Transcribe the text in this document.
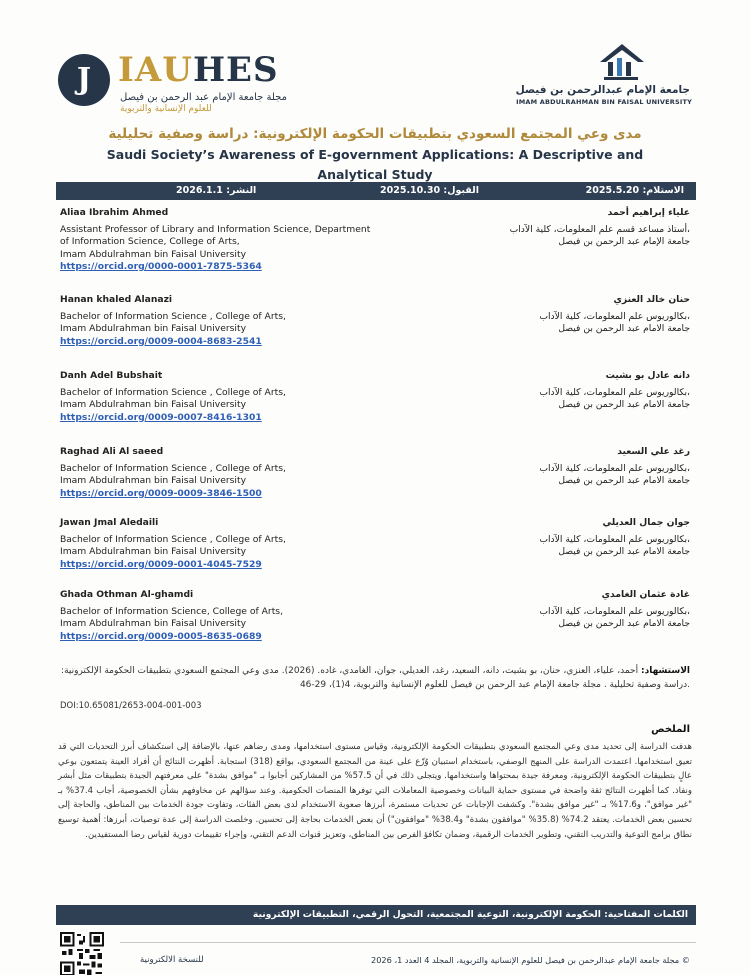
J IAUHES
مجلة جامعة الإمام عبد الرحمن بن فيصل
للعلوم الإنسانية والتربوية
جامعة الإمام عبدالرحمن بن فيصل
IMAM ABDULRAHMAN BIN FAISAL UNIVERSITY
مدى وعي المجتمع السعودي بتطبيقات الحكومة الإلكترونية: دراسة وصفية تحليلية
Saudi Society’s Awareness of E-government Applications: A Descriptive and Analytical Study
النشر: 2026.1.1	القبول: 2025.10.30	الاستلام: 2025.5.20
Aliaa Ibrahim Ahmed
Assistant Professor of Library and Information Science, Department
of Information Science, College of Arts,
Imam Abdulrahman bin Faisal University
https://orcid.org/0000-0001-7875-5364
علياء إبراهيم أحمد
أستاذ مساعد قسم علم المعلومات، كلية الآداب،
جامعة الإمام عبد الرحمن بن فيصل
Hanan khaled Alanazi
Bachelor of Information Science , College of Arts,
Imam Abdulrahman bin Faisal University
https://orcid.org/0009-0004-8683-2541
حنان خالد العنزي
بكالوريوس علم المعلومات، كلية الآداب،
جامعة الامام عبد الرحمن بن فيصل
Danh Adel Bubshait
Bachelor of Information Science , College of Arts,
Imam Abdulrahman bin Faisal University
https://orcid.org/0009-0007-8416-1301
دانه عادل بو بشيت
بكالوريوس علم المعلومات، كلية الآداب،
جامعة الامام عبد الرحمن بن فيصل
Raghad Ali Al saeed
Bachelor of Information Science , College of Arts,
Imam Abdulrahman bin Faisal University
https://orcid.org/0009-0009-3846-1500
رغد علي السعيد
بكالوريوس علم المعلومات، كلية الآداب،
جامعة الامام عبد الرحمن بن فيصل
Jawan Jmal Aledaili
Bachelor of Information Science , College of Arts,
Imam Abdulrahman bin Faisal University
https://orcid.org/0009-0001-4045-7529
جوان جمال العديلي
بكالوريوس علم المعلومات، كلية الآداب،
جامعة الامام عبد الرحمن بن فيصل
Ghada Othman Al-ghamdi
Bachelor of Information Science, College of Arts,
Imam Abdulrahman bin Faisal University
https://orcid.org/0009-0005-8635-0689
غادة عثمان الغامدي
بكالوريوس علم المعلومات، كلية الآداب،
جامعة الامام عبد الرحمن بن فيصل
الاستشهاد: أحمد، علياء، العنزي، حنان، بو بشيت، دانه، السعيد، رغد، العديلي، جوان، الغامدي، غاده. (2026). مدى وعي المجتمع السعودي بتطبيقات الحكومة الإلكترونية: دراسة وصفية تحليلية . مجلة جامعة الإمام عبد الرحمن بن فيصل للعلوم الإنسانية والتربوية، 4(1)، 29-46.
DOI:10.65081/2653-004-001-003
الملخص
هدفت الدراسة إلى تحديد مدى وعي المجتمع السعودي بتطبيقات الحكومة الإلكترونية، وقياس مستوى استخدامها، ومدى رضاهم عنها، بالإضافة إلى استكشاف أبرز التحديات التي قد تعيق استخدامها. اعتمدت الدراسة على المنهج الوصفي، باستخدام استبيان وُزّع على عينة من المجتمع السعودي، بواقع (318) استجابة. أظهرت النتائج أن أفراد العينة يتمتعون بوعي عالٍ بتطبيقات الحكومة الإلكترونية، ومعرفة جيدة بمحتواها واستخدامها. ويتجلى ذلك في أن 57.5% من المشاركين أجابوا بـ "موافق بشدة" على معرفتهم الجيدة بتطبيقات مثل أبشر ونفاذ. كما أظهرت النتائج ثقة واضحة في مستوى حماية البيانات وخصوصية المعاملات التي توفرها المنصات الحكومية. وعند سؤالهم عن مخاوفهم بشأن الخصوصية، أجاب 37.4% بـ "غير موافق"، و17.6% بـ "غير موافق بشدة". وكشفت الإجابات عن تحديات مستمرة، أبرزها صعوبة الاستخدام لدى بعض الفئات، وتفاوت جودة الخدمات بين المناطق، والحاجة إلى تحسين بعض الخدمات. يعتقد 74.2% (35.8% "موافقون بشدة" و38.4% "موافقون") أن بعض الخدمات بحاجة إلى تحسين. وخلصت الدراسة إلى عدة توصيات، أبرزها: أهمية توسيع نطاق برامج التوعية والتدريب التقني، وتطوير الخدمات الرقمية، وضمان تكافؤ الفرص بين المناطق، وتعزيز قنوات الدعم التقني، وإجراء تقييمات دورية لقياس رضا المستفيدين.
الكلمات المفتاحية: الحكومة الإلكترونية، التوعية المجتمعية، التحول الرقمي، التطبيقات الإلكترونية
للنسخة الالكترونية	مجلة جامعة الإمام عبدالرحمن بن فيصل للعلوم الإنسانية والتربوية، المجلد 4 العدد 1، 2026 ©
